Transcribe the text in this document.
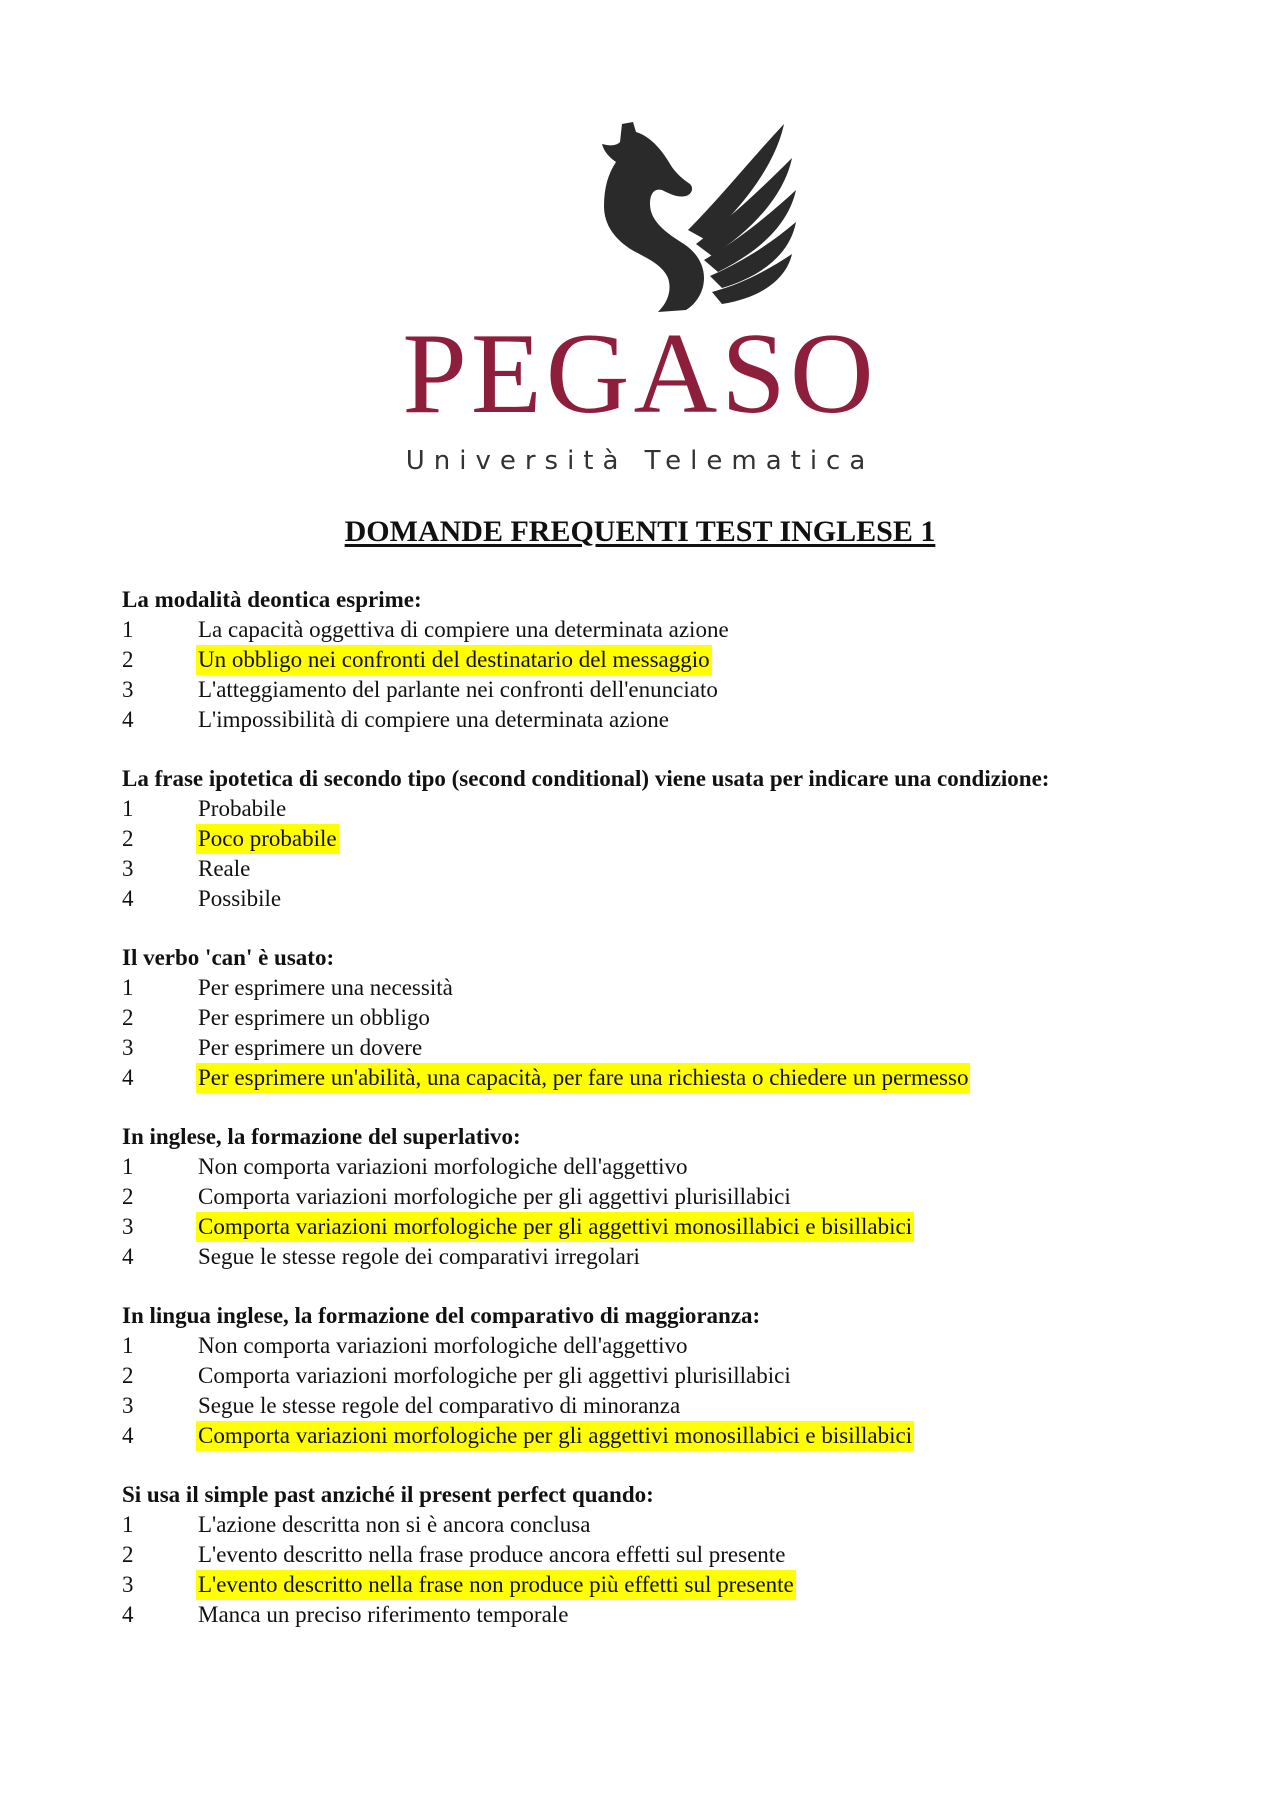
PEGASO
Università Telematica
DOMANDE FREQUENTI TEST INGLESE 1

La modalità deontica esprime:

1	La capacità oggettiva di compiere una determinata azione
2	Un obbligo nei confronti del destinatario del messaggio
3	L'atteggiamento del parlante nei confronti dell'enunciato
4	L'impossibilità di compiere una determinata azione

La frase ipotetica di secondo tipo (second conditional) viene usata per indicare una condizione:

1	Probabile
2	Poco probabile
3	Reale
4	Possibile

Il verbo 'can' è usato:

1	Per esprimere una necessità
2	Per esprimere un obbligo
3	Per esprimere un dovere
4	Per esprimere un'abilità, una capacità, per fare una richiesta o chiedere un permesso

In inglese, la formazione del superlativo:

1	Non comporta variazioni morfologiche dell'aggettivo
2	Comporta variazioni morfologiche per gli aggettivi plurisillabici
3	Comporta variazioni morfologiche per gli aggettivi monosillabici e bisillabici
4	Segue le stesse regole dei comparativi irregolari

In lingua inglese, la formazione del comparativo di maggioranza:

1	Non comporta variazioni morfologiche dell'aggettivo
2	Comporta variazioni morfologiche per gli aggettivi plurisillabici
3	Segue le stesse regole del comparativo di minoranza
4	Comporta variazioni morfologiche per gli aggettivi monosillabici e bisillabici

Si usa il simple past anziché il present perfect quando:

1	L'azione descritta non si è ancora conclusa
2	L'evento descritto nella frase produce ancora effetti sul presente
3	L'evento descritto nella frase non produce più effetti sul presente
4	Manca un preciso riferimento temporale
